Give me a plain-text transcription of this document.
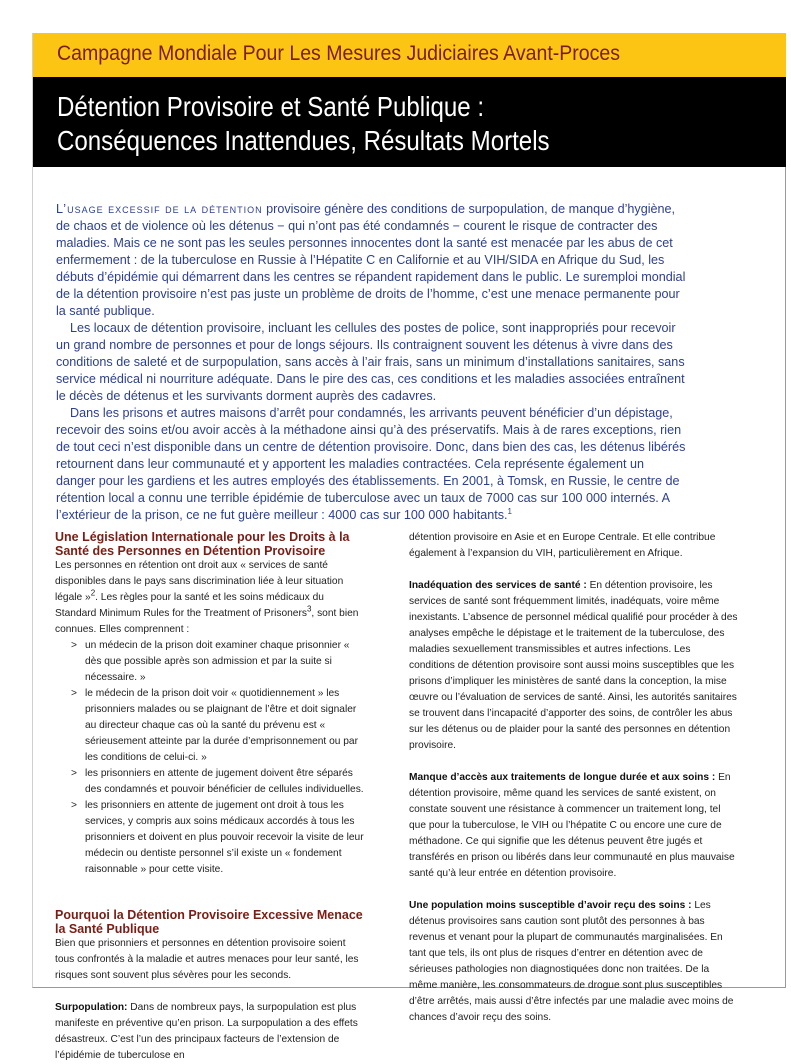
Campagne Mondiale Pour Les Mesures Judiciaires Avant-Proces
Détention Provisoire et Santé Publique :
Conséquences Inattendues, Résultats Mortels

L’usage excessif de la détention provisoire génère des conditions de surpopulation, de manque d’hygiène, de chaos et de violence où les détenus − qui n’ont pas été condamnés − courent le risque de contracter des maladies. Mais ce ne sont pas les seules personnes innocentes dont la santé est menacée par les abus de cet enfermement : de la tuberculose en Russie à l’Hépatite C en Californie et au VIH/SIDA en Afrique du Sud, les débuts d’épidémie qui démarrent dans les centres se répandent rapidement dans le public. Le suremploi mondial de la détention provisoire n’est pas juste un problème de droits de l’homme, c’est une menace permanente pour la santé publique.

Les locaux de détention provisoire, incluant les cellules des postes de police, sont inappropriés pour recevoir un grand nombre de personnes et pour de longs séjours. Ils contraignent souvent les détenus à vivre dans des conditions de saleté et de surpopulation, sans accès à l’air frais, sans un minimum d’installations sanitaires, sans service médical ni nourriture adéquate. Dans le pire des cas, ces conditions et les maladies associées entraînent le décès de détenus et les survivants dorment auprès des cadavres.

Dans les prisons et autres maisons d’arrêt pour condamnés, les arrivants peuvent bénéficier d’un dépistage, recevoir des soins et/ou avoir accès à la méthadone ainsi qu’à des préservatifs. Mais à de rares exceptions, rien de tout ceci n’est disponible dans un centre de détention provisoire. Donc, dans bien des cas, les détenus libérés retournent dans leur communauté et y apportent les maladies contractées. Cela représente également un danger pour les gardiens et les autres employés des établissements. En 2001, à Tomsk, en Russie, le centre de rétention local a connu une terrible épidémie de tuberculose avec un taux de 7000 cas sur 100 000 internés. A l’extérieur de la prison, ce ne fut guère meilleur : 4000 cas sur 100 000 habitants.$^1$

Une Législation Internationale pour les Droits à la Santé des Personnes en Détention Provisoire

Les personnes en rétention ont droit aux « services de santé disponibles dans le pays sans discrimination liée à leur situation légale »$^2$. Les règles pour la santé et les soins médicaux du Standard Minimum Rules for the Treatment of Prisoners$^3$, sont bien connues. Elles comprennent :

> un médecin de la prison doit examiner chaque prisonnier « dès que possible après son admission et par la suite si nécessaire. »
> le médecin de la prison doit voir « quotidiennement » les prisonniers malades ou se plaignant de l’être et doit signaler au directeur chaque cas où la santé du prévenu est « sérieusement atteinte par la durée d’emprisonnement ou par les conditions de celui-ci. »
> les prisonniers en attente de jugement doivent être séparés des condamnés et pouvoir bénéficier de cellules individuelles.
> les prisonniers en attente de jugement ont droit à tous les services, y compris aux soins médicaux accordés à tous les prisonniers et doivent en plus pouvoir recevoir la visite de leur médecin ou dentiste personnel s’il existe un « fondement raisonnable » pour cette visite.
Pourquoi la Détention Provisoire Excessive Menace la Santé Publique

Bien que prisonniers et personnes en détention provisoire soient tous confrontés à la maladie et autres menaces pour leur santé, les risques sont souvent plus sévères pour les seconds.

Surpopulation: Dans de nombreux pays, la surpopulation est plus manifeste en préventive qu’en prison. La surpopulation a des effets désastreux. C’est l’un des principaux facteurs de l’extension de l’épidémie de tuberculose en

détention provisoire en Asie et en Europe Centrale. Et elle contribue également à l’expansion du VIH, particulièrement en Afrique.

Inadéquation des services de santé : En détention provisoire, les services de santé sont fréquemment limités, inadéquats, voire même inexistants. L’absence de personnel médical qualifié pour procéder à des analyses empêche le dépistage et le traitement de la tuberculose, des maladies sexuellement transmissibles et autres infections. Les conditions de détention provisoire sont aussi moins susceptibles que les prisons d’impliquer les ministères de santé dans la conception, la mise œuvre ou l’évaluation de services de santé. Ainsi, les autorités sanitaires se trouvent dans l’incapacité d’apporter des soins, de contrôler les abus sur les détenus ou de plaider pour la santé des personnes en détention provisoire.

Manque d’accès aux traitements de longue durée et aux soins : En détention provisoire, même quand les services de santé existent, on constate souvent une résistance à commencer un traitement long, tel que pour la tuberculose, le VIH ou l’hépatite C ou encore une cure de méthadone. Ce qui signifie que les détenus peuvent être jugés et transférés en prison ou libérés dans leur communauté en plus mauvaise santé qu’à leur entrée en détention provisoire.

Une population moins susceptible d’avoir reçu des soins : Les détenus provisoires sans caution sont plutôt des personnes à bas revenus et venant pour la plupart de communautés marginalisées. En tant que tels, ils ont plus de risques d’entrer en détention avec de sérieuses pathologies non diagnostiquées donc non traitées. De la même manière, les consommateurs de drogue sont plus susceptibles d’être arrêtés, mais aussi d’être infectés par une maladie avec moins de chances d’avoir reçu des soins.
